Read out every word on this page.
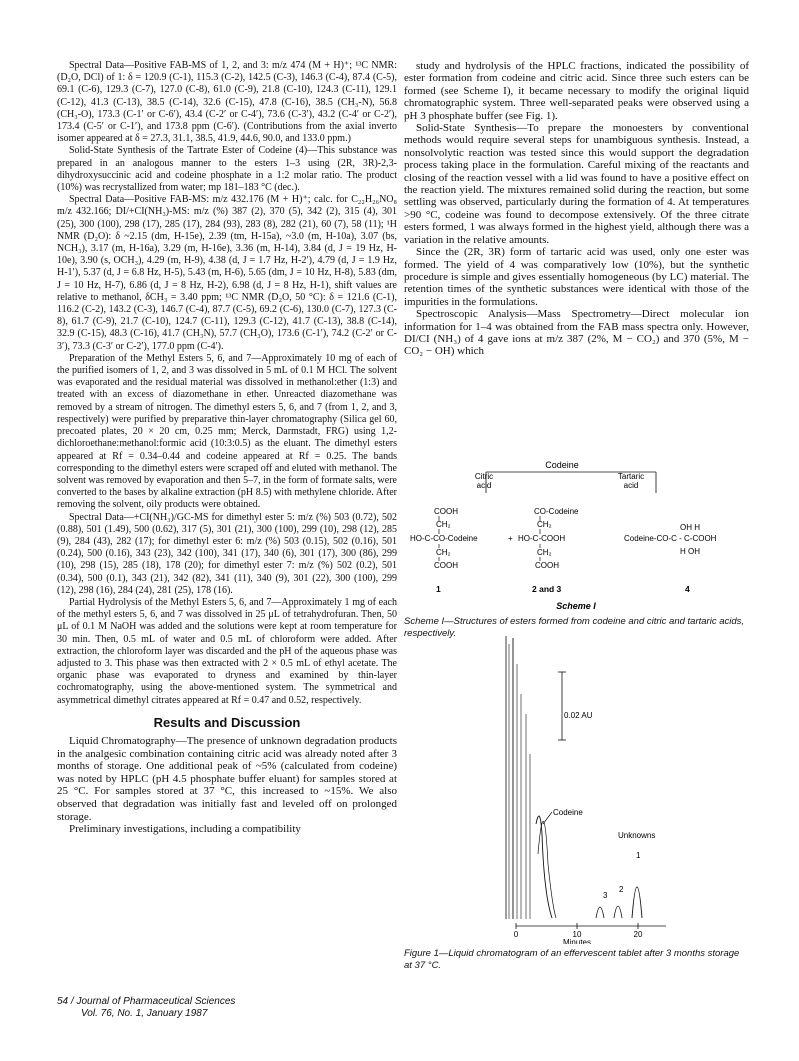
Spectral Data—Positive FAB-MS of 1, 2, and 3: m/z 474 (M + H)⁺; ¹³C NMR: (D₂O, DCl) of 1: δ = 120.9 (C-1), 115.3 (C-2), 142.5 (C-3), 146.3 (C-4), 87.4 (C-5), 69.1 (C-6), 129.3 (C-7), 127.0 (C-8), 61.0 (C-9), 21.8 (C-10), 124.3 (C-11), 129.1 (C-12), 41.3 (C-13), 38.5 (C-14), 32.6 (C-15), 47.8 (C-16), 38.5 (CH₃-N), 56.8 (CH₃-O), 173.3 (C-1′ or C-6′), 43.4 (C-2′ or C-4′), 73.6 (C-3′), 43.2 (C-4′ or C-2′), 173.4 (C-5′ or C-1′), and 173.8 ppm (C-6′). (Contributions from the axial inverto isomer appeared at δ = 27.3, 31.1, 38.5, 41.9, 44.6, 90.0, and 133.0 ppm.)

Solid-State Synthesis of the Tartrate Ester of Codeine (4)—This substance was prepared in an analogous manner to the esters 1–3 using (2R, 3R)-2,3-dihydroxysuccinic acid and codeine phosphate in a 1:2 molar ratio. The product (10%) was recrystallized from water; mp 181–183 °C (dec.).

Spectral Data—Positive FAB-MS: m/z 432.176 (M + H)⁺; calc. for C₂₂H₂₆NO₈ m/z 432.166; DI/+CI(NH₃)-MS: m/z (%) 387 (2), 370 (5), 342 (2), 315 (4), 301 (25), 300 (100), 298 (17), 285 (17), 284 (93), 283 (8), 282 (21), 60 (7), 58 (11); ¹H NMR (D₂O): δ ~2.15 (dm, H-15e), 2.39 (tm, H-15a), ~3.0 (m, H-10a), 3.07 (bs, NCH₃), 3.17 (m, H-16a), 3.29 (m, H-16e), 3.36 (m, H-14), 3.84 (d, J = 19 Hz, H-10e), 3.90 (s, OCH₃), 4.29 (m, H-9), 4.38 (d, J = 1.7 Hz, H-2′), 4.79 (d, J = 1.9 Hz, H-1′), 5.37 (d, J = 6.8 Hz, H-5), 5.43 (m, H-6), 5.65 (dm, J = 10 Hz, H-8), 5.83 (dm, J = 10 Hz, H-7), 6.86 (d, J = 8 Hz, H-2), 6.98 (d, J = 8 Hz, H-1), shift values are relative to methanol, δCH₃ = 3.40 ppm; ¹³C NMR (D₂O, 50 °C): δ = 121.6 (C-1), 116.2 (C-2), 143.2 (C-3), 146.7 (C-4), 87.7 (C-5), 69.2 (C-6), 130.0 (C-7), 127.3 (C-8), 61.7 (C-9), 21.7 (C-10), 124.7 (C-11), 129.3 (C-12), 41.7 (C-13), 38.8 (C-14), 32.9 (C-15), 48.3 (C-16), 41.7 (CH₃N), 57.7 (CH₃O), 173.6 (C-1′), 74.2 (C-2′ or C-3′), 73.3 (C-3′ or C-2′), 177.0 ppm (C-4′).

Preparation of the Methyl Esters 5, 6, and 7—Approximately 10 mg of each of the purified isomers of 1, 2, and 3 was dissolved in 5 mL of 0.1 M HCl. The solvent was evaporated and the residual material was dissolved in methanol:ether (1:3) and treated with an excess of diazomethane in ether. Unreacted diazomethane was removed by a stream of nitrogen. The dimethyl esters 5, 6, and 7 (from 1, 2, and 3, respectively) were purified by preparative thin-layer chromatography (Silica gel 60, precoated plates, 20 × 20 cm, 0.25 mm; Merck, Darmstadt, FRG) using 1,2-dichloroethane:methanol:formic acid (10:3:0.5) as the eluant. The dimethyl esters appeared at Rf = 0.34–0.44 and codeine appeared at Rf = 0.25. The bands corresponding to the dimethyl esters were scraped off and eluted with methanol. The solvent was removed by evaporation and then 5–7, in the form of formate salts, were converted to the bases by alkaline extraction (pH 8.5) with methylene chloride. After removing the solvent, oily products were obtained.

Spectral Data—+CI(NH₃)/GC-MS for dimethyl ester 5: m/z (%) 503 (0.72), 502 (0.88), 501 (1.49), 500 (0.62), 317 (5), 301 (21), 300 (100), 299 (10), 298 (12), 285 (9), 284 (43), 282 (17); for dimethyl ester 6: m/z (%) 503 (0.15), 502 (0.16), 501 (0.24), 500 (0.16), 343 (23), 342 (100), 341 (17), 340 (6), 301 (17), 300 (86), 299 (10), 298 (15), 285 (18), 178 (20); for dimethyl ester 7: m/z (%) 502 (0.2), 501 (0.34), 500 (0.1), 343 (21), 342 (82), 341 (11), 340 (9), 301 (22), 300 (100), 299 (12), 298 (16), 284 (24), 281 (25), 178 (16).

Partial Hydrolysis of the Methyl Esters 5, 6, and 7—Approximately 1 mg of each of the methyl esters 5, 6, and 7 was dissolved in 25 μL of tetrahydrofuran. Then, 50 μL of 0.1 M NaOH was added and the solutions were kept at room temperature for 30 min. Then, 0.5 mL of water and 0.5 mL of chloroform were added. After extraction, the chloroform layer was discarded and the pH of the aqueous phase was adjusted to 3. This phase was then extracted with 2 × 0.5 mL of ethyl acetate. The organic phase was evaporated to dryness and examined by thin-layer cochromatography, using the above-mentioned system. The symmetrical and asymmetrical dimethyl citrates appeared at Rf = 0.47 and 0.52, respectively.

Results and Discussion

Liquid Chromatography—The presence of unknown degradation products in the analgesic combination containing citric acid was already noted after 3 months of storage. One additional peak of ~5% (calculated from codeine) was noted by HPLC (pH 4.5 phosphate buffer eluant) for samples stored at 25 °C. For samples stored at 37 °C, this increased to ~15%. We also observed that degradation was initially fast and leveled off on prolonged storage.

Preliminary investigations, including a compatibility

study and hydrolysis of the HPLC fractions, indicated the possibility of ester formation from codeine and citric acid. Since three such esters can be formed (see Scheme I), it became necessary to modify the original liquid chromatographic system. Three well-separated peaks were observed using a pH 3 phosphate buffer (see Fig. 1).

Solid-State Synthesis—To prepare the monoesters by conventional methods would require several steps for unambiguous synthesis. Instead, a nonsolvolytic reaction was tested since this would support the degradation process taking place in the formulation. Careful mixing of the reactants and closing of the reaction vessel with a lid was found to have a positive effect on the reaction yield. The mixtures remained solid during the reaction, but some settling was observed, particularly during the formation of 4. At temperatures >90 °C, codeine was found to decompose extensively. Of the three citrate esters formed, 1 was always formed in the highest yield, although there was a variation in the relative amounts.

Since the (2R, 3R) form of tartaric acid was used, only one ester was formed. The yield of 4 was comparatively low (10%), but the synthetic procedure is simple and gives essentially homogeneous (by LC) material. The retention times of the synthetic substances were identical with those of the impurities in the formulations.

Spectroscopic Analysis—Mass Spectrometry—Direct molecular ion information for 1–4 was obtained from the FAB mass spectra only. However, DI/CI (NH₃) of 4 gave ions at m/z 387 (2%, M − CO₂) and 370 (5%, M − CO₂ − OH) which

Codeine
Citric
acid
Tartaric
acid
COOH
CH₂
HO-C-CO-Codeine
CH₂
COOH
+
CO-Codeine
CH₂
HO-C-COOH
CH₂
COOH
OH H
Codeine-CO-C - C-COOH
H OH
1	2 and 3	4
Scheme I
Scheme I—Structures of esters formed from codeine and citric and tartaric acids, respectively.
0.02 AU
Codeine
Unknowns
3
2
1
0	10	20
Minutes
Figure 1—Liquid chromatogram of an effervescent tablet after 3 months storage at 37 °C.
54 / Journal of Pharmaceutical Sciences
Vol. 76, No. 1, January 1987
